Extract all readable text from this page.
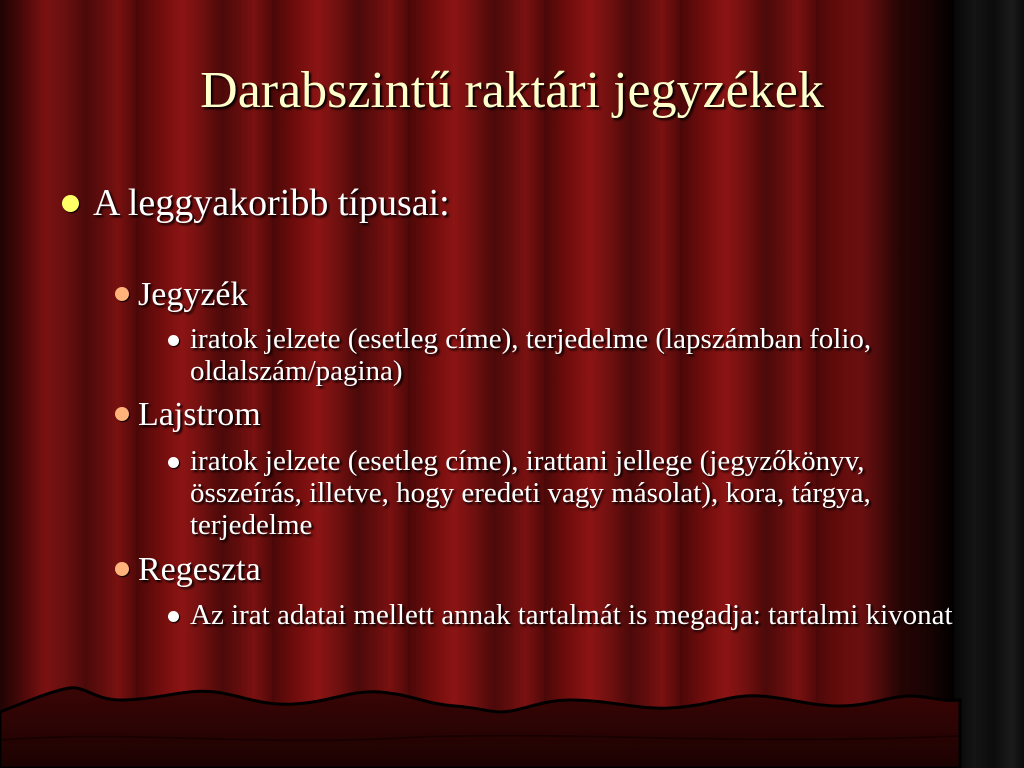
Darabszintű raktári jegyzékek
A leggyakoribb típusai:
Jegyzék
iratok jelzete (esetleg címe), terjedelme (lapszámban folio, oldalszám/pagina)
Lajstrom
iratok jelzete (esetleg címe), irattani jellege (jegyzőkönyv, összeírás, illetve, hogy eredeti vagy másolat), kora, tárgya, terjedelme
Regeszta
Az irat adatai mellett annak tartalmát is megadja: tartalmi kivonat
